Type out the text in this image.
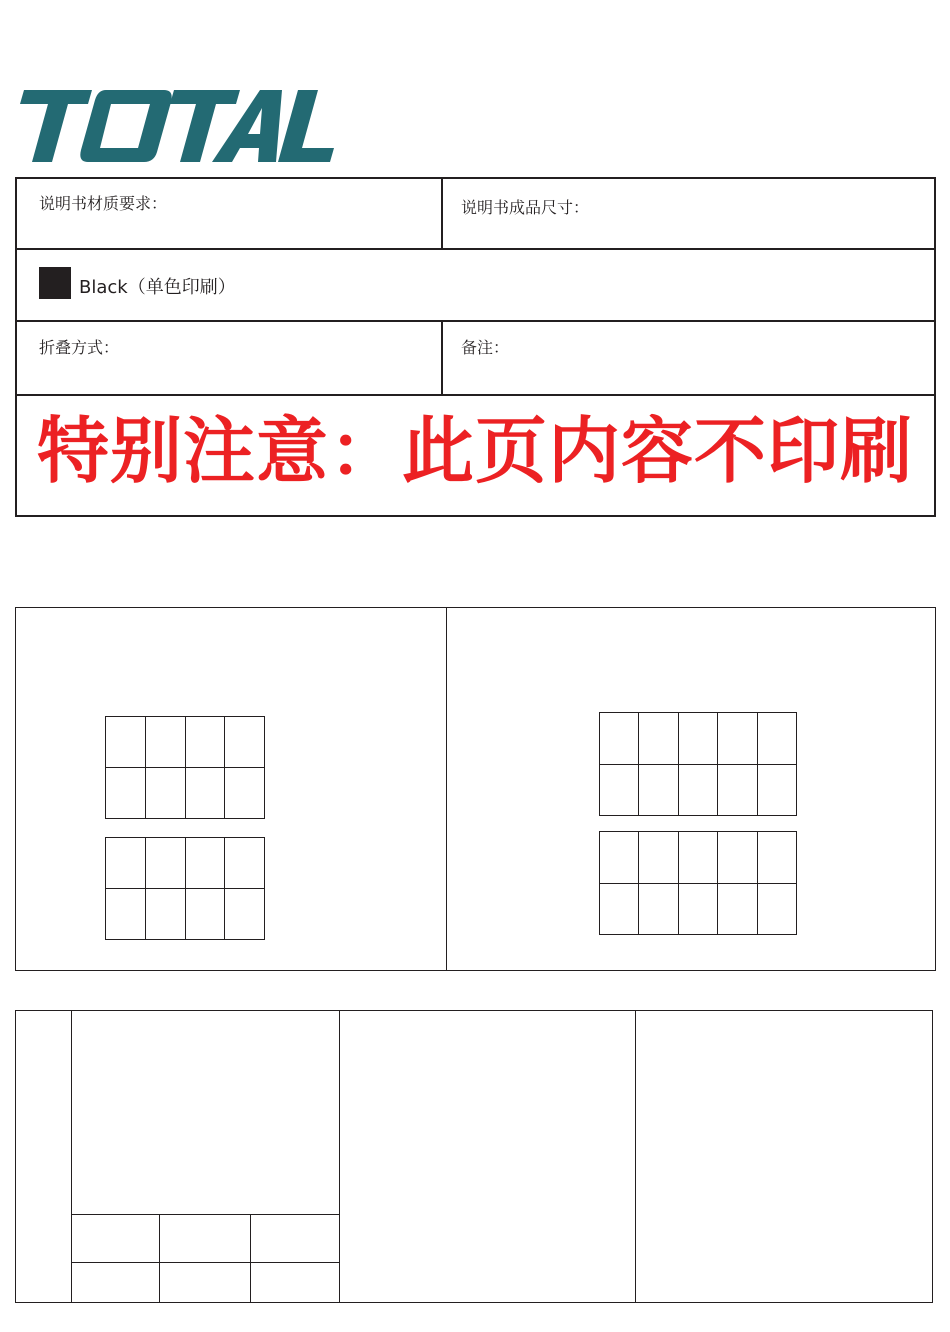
说明书材质要求：	说明书成品尺寸：
Black（单色印刷）
折叠方式：	备注：
特别注意：此页内容不印刷
